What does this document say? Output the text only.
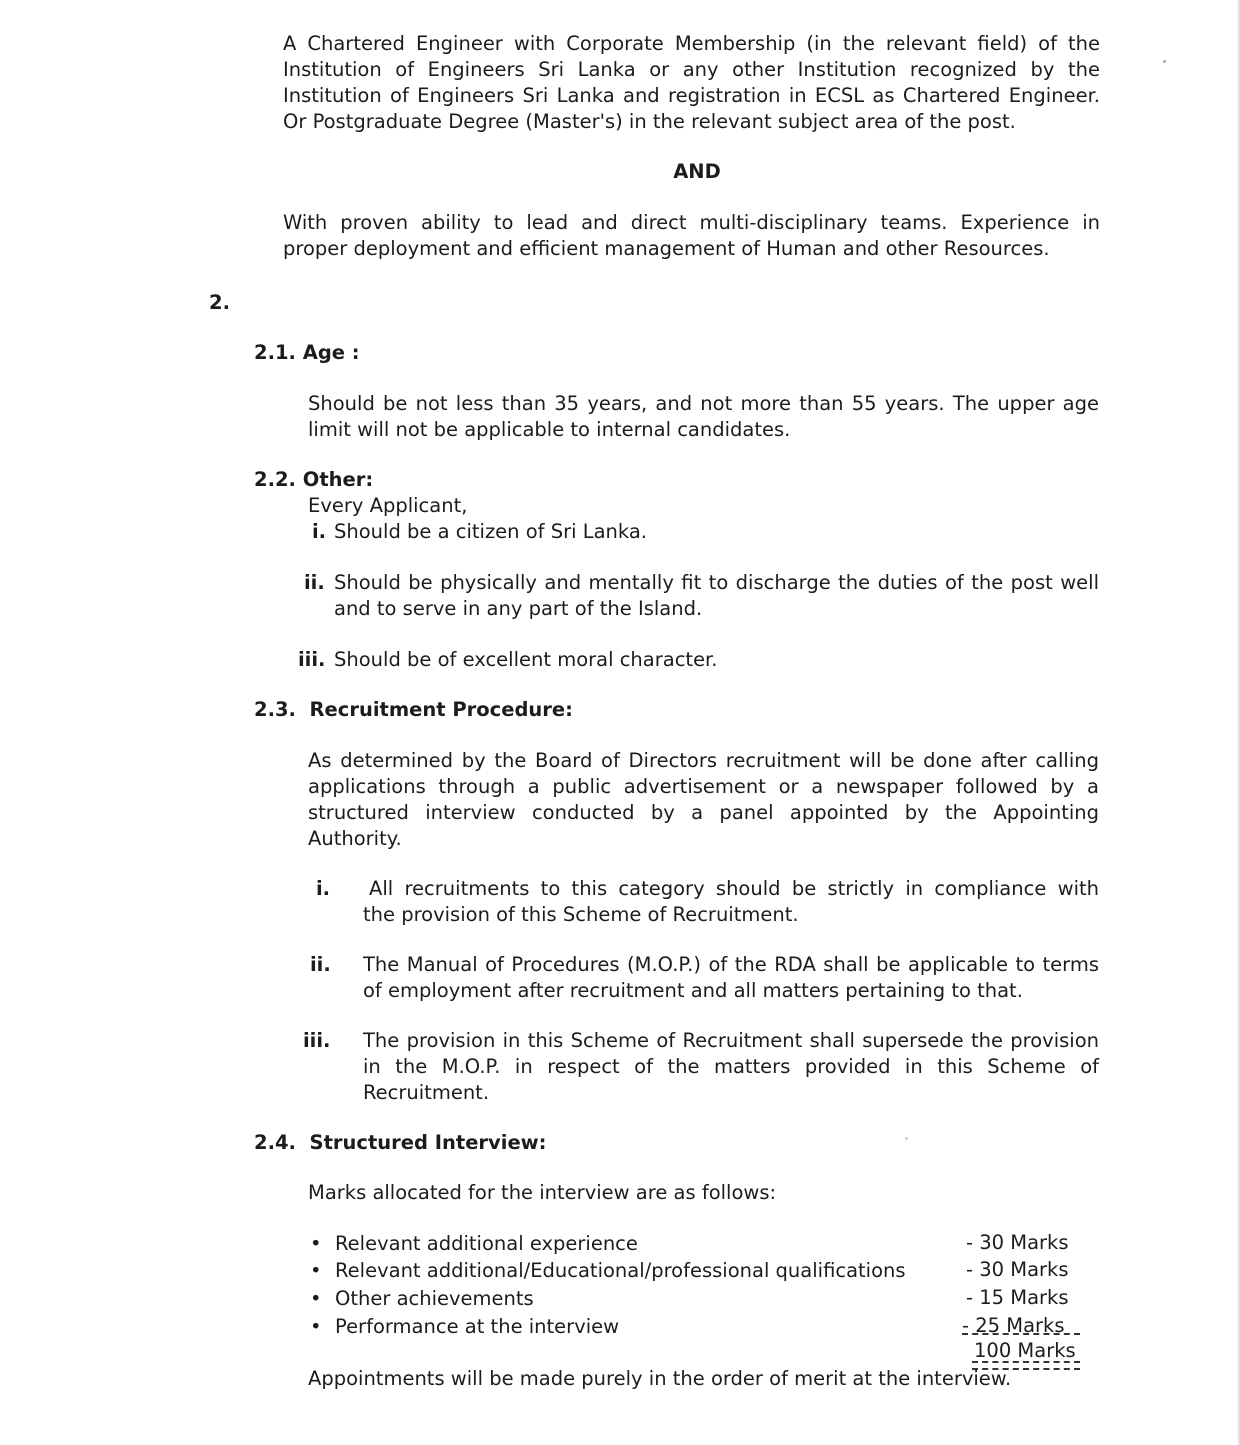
A Chartered Engineer with Corporate Membership (in the relevant field) of the
Institution of Engineers Sri Lanka or any other Institution recognized by the
Institution of Engineers Sri Lanka and registration in ECSL as Chartered Engineer.
Or Postgraduate Degree (Master's) in the relevant subject area of the post.
AND
With proven ability to lead and direct multi-disciplinary teams. Experience in
proper deployment and efficient management of Human and other Resources.
2.
2.1. Age :
Should be not less than 35 years, and not more than 55 years. The upper age
limit will not be applicable to internal candidates.
2.2. Other:
Every Applicant,
i. Should be a citizen of Sri Lanka.
ii. Should be physically and mentally fit to discharge the duties of the post well
and to serve in any part of the Island.
iii. Should be of excellent moral character.
2.3.  Recruitment Procedure:
As determined by the Board of Directors recruitment will be done after calling
applications through a public advertisement or a newspaper followed by a
structured interview conducted by a panel appointed by the Appointing
Authority.
i.	All recruitments to this category should be strictly in compliance with
the provision of this Scheme of Recruitment.
ii. The Manual of Procedures (M.O.P.) of the RDA shall be applicable to terms
of employment after recruitment and all matters pertaining to that.
iii. The provision in this Scheme of Recruitment shall supersede the provision
in the M.O.P. in respect of the matters provided in this Scheme of
Recruitment.
2.4.  Structured Interview:
Marks allocated for the interview are as follows:
• Relevant additional experience	- 30 Marks
• Relevant additional/Educational/professional qualifications	- 30 Marks
• Other achievements	- 15 Marks
• Performance at the interview	- 25 Marks
100 Marks
Appointments will be made purely in the order of merit at the interview.
